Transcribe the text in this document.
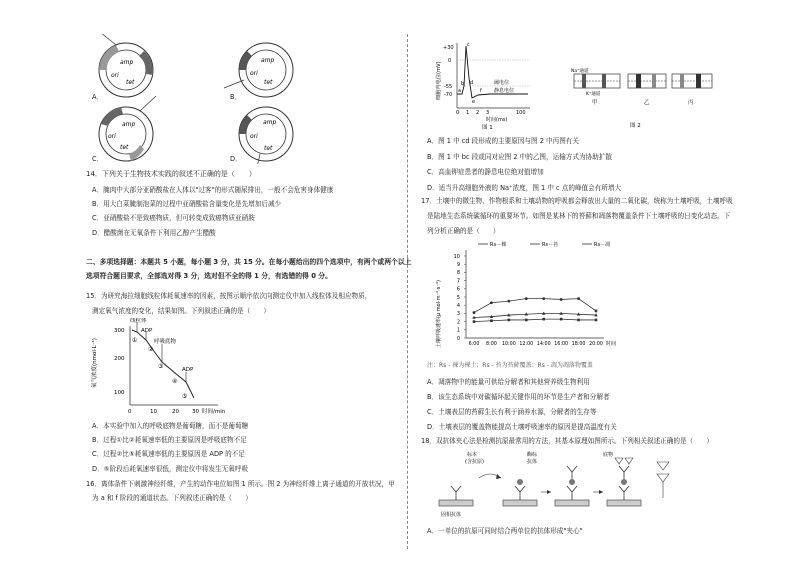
amp
ori
tet
amp
ori
tet
amp
ori
tet
amp
ori
tet
A．	B．
C．	D．
14．下列关于生物技术实践的叙述不正确的是（　　）
A．腌肉中大部分亚硝酸盐在人体以"过客"的形式随尿排出，一般不会危害身体健康
B．用大白菜腌制泡菜的过程中亚硝酸盐含量变化是先增加后减少
C．亚硝酸盐不是致癌物质，但可转变成致癌物质亚硝胺
D．醋酸菌在无氧条件下利用乙醇产生醋酸
二、多项选择题：本题共 5 小题，每小题 3 分，共 15 分。在每小题给出的四个选项中，有两个或两个以上
选项符合题目要求，全部选对得 3 分，选对但不全的得 1 分，有选错的得 0 分。
15．为研究海拉细胞线粒体耗氧速率的因素，按图示顺序依次向测定仪中加入线粒体及相应物质，
测定氧气浓度的变化，结果如图。下列叙述正确的是（　　）
氧气浓度(nmol·L⁻¹)
300
200
100
0	10	20 30 时间/min
线粒体
ADP
呼吸底物
ADP
①
②
③
④
⑤
A．本实验中加入的呼吸底物是葡萄糖，而不是葡萄糖
B．过程①比②耗氧速率低的主要原因是呼吸底物不足
C．过程②比⑤耗氧速率低的主要原因是 ADP 的不足
D．⑤阶段后耗氧速率很低，测定仪中将发生无氧呼吸
16．离体条件下刺激神经纤维，产生的动作电位如图 1 所示。图 2 为神经纤维上离子通道的开放状况，甲
为 a 和 f 阶段的通道状态。下列叙述正确的是（　　）
细胞内电位(mV)
+30
0
-55
-70
a
b
c
d
e
f
阈电位
静息电位
0 1 2 3	100
时间(ms)
图 1
Na⁺通道
K⁺通道
甲	乙	丙
图 2
A．图 1 中 cd 段形成的主要原因与图 2 中丙图有关
B．图 1 中 bc 段或同对应图 2 中的乙图，运输方式为协助扩散
C．高血钾症患者的静息电位绝对值增加
D．适当升高细胞外液的 Na⁺浓度，图 1 中 c 点的峰值会有所增大
17．土壤中的微生物、作物根系和土壤动物的呼吸都会释放出大量的二氧化碳，统称为土壤呼吸，土壤呼吸
是陆地生态系统碳循环的重要环节。如图是某林下的苔藓和凋落物覆盖条件下土壤呼吸的日变化动态。下
列分析正确的是（　　）
0
1
2
3
4
5
6
7
8
9
10
6:00 8:00 10:00 12:00 14:00 16:00 18:00 20:00 时间
土壤呼吸速率(μ mol·m⁻²·s⁻¹)
Rs－裸	Rs－苔	Rs－凋
注：Rs - 裸为裸土；Rs - 苔为苔藓覆盖；Rs - 凋为凋落物覆盖
A．凋落物中的能量可供给分解者和其他营养级生物利用
B．该生态系统中对碳循环起关键作用的环节是生产者和分解者
C．土壤表层的苔藓生长有利于涵养水源，分解者的生存等
D．土壤表层的覆盖物能提高土壤呼吸速率的原因是提高温度有关
18．双抗体夹心法是检测抗原最常用的方法，其基本原理如图所示。下列相关叙述正确的是（　　）
固相抗体
标本
(含抗原)
酶标
抗体
底物
A．一单位的抗原可同时结合两单位的抗体形成"夹心"
